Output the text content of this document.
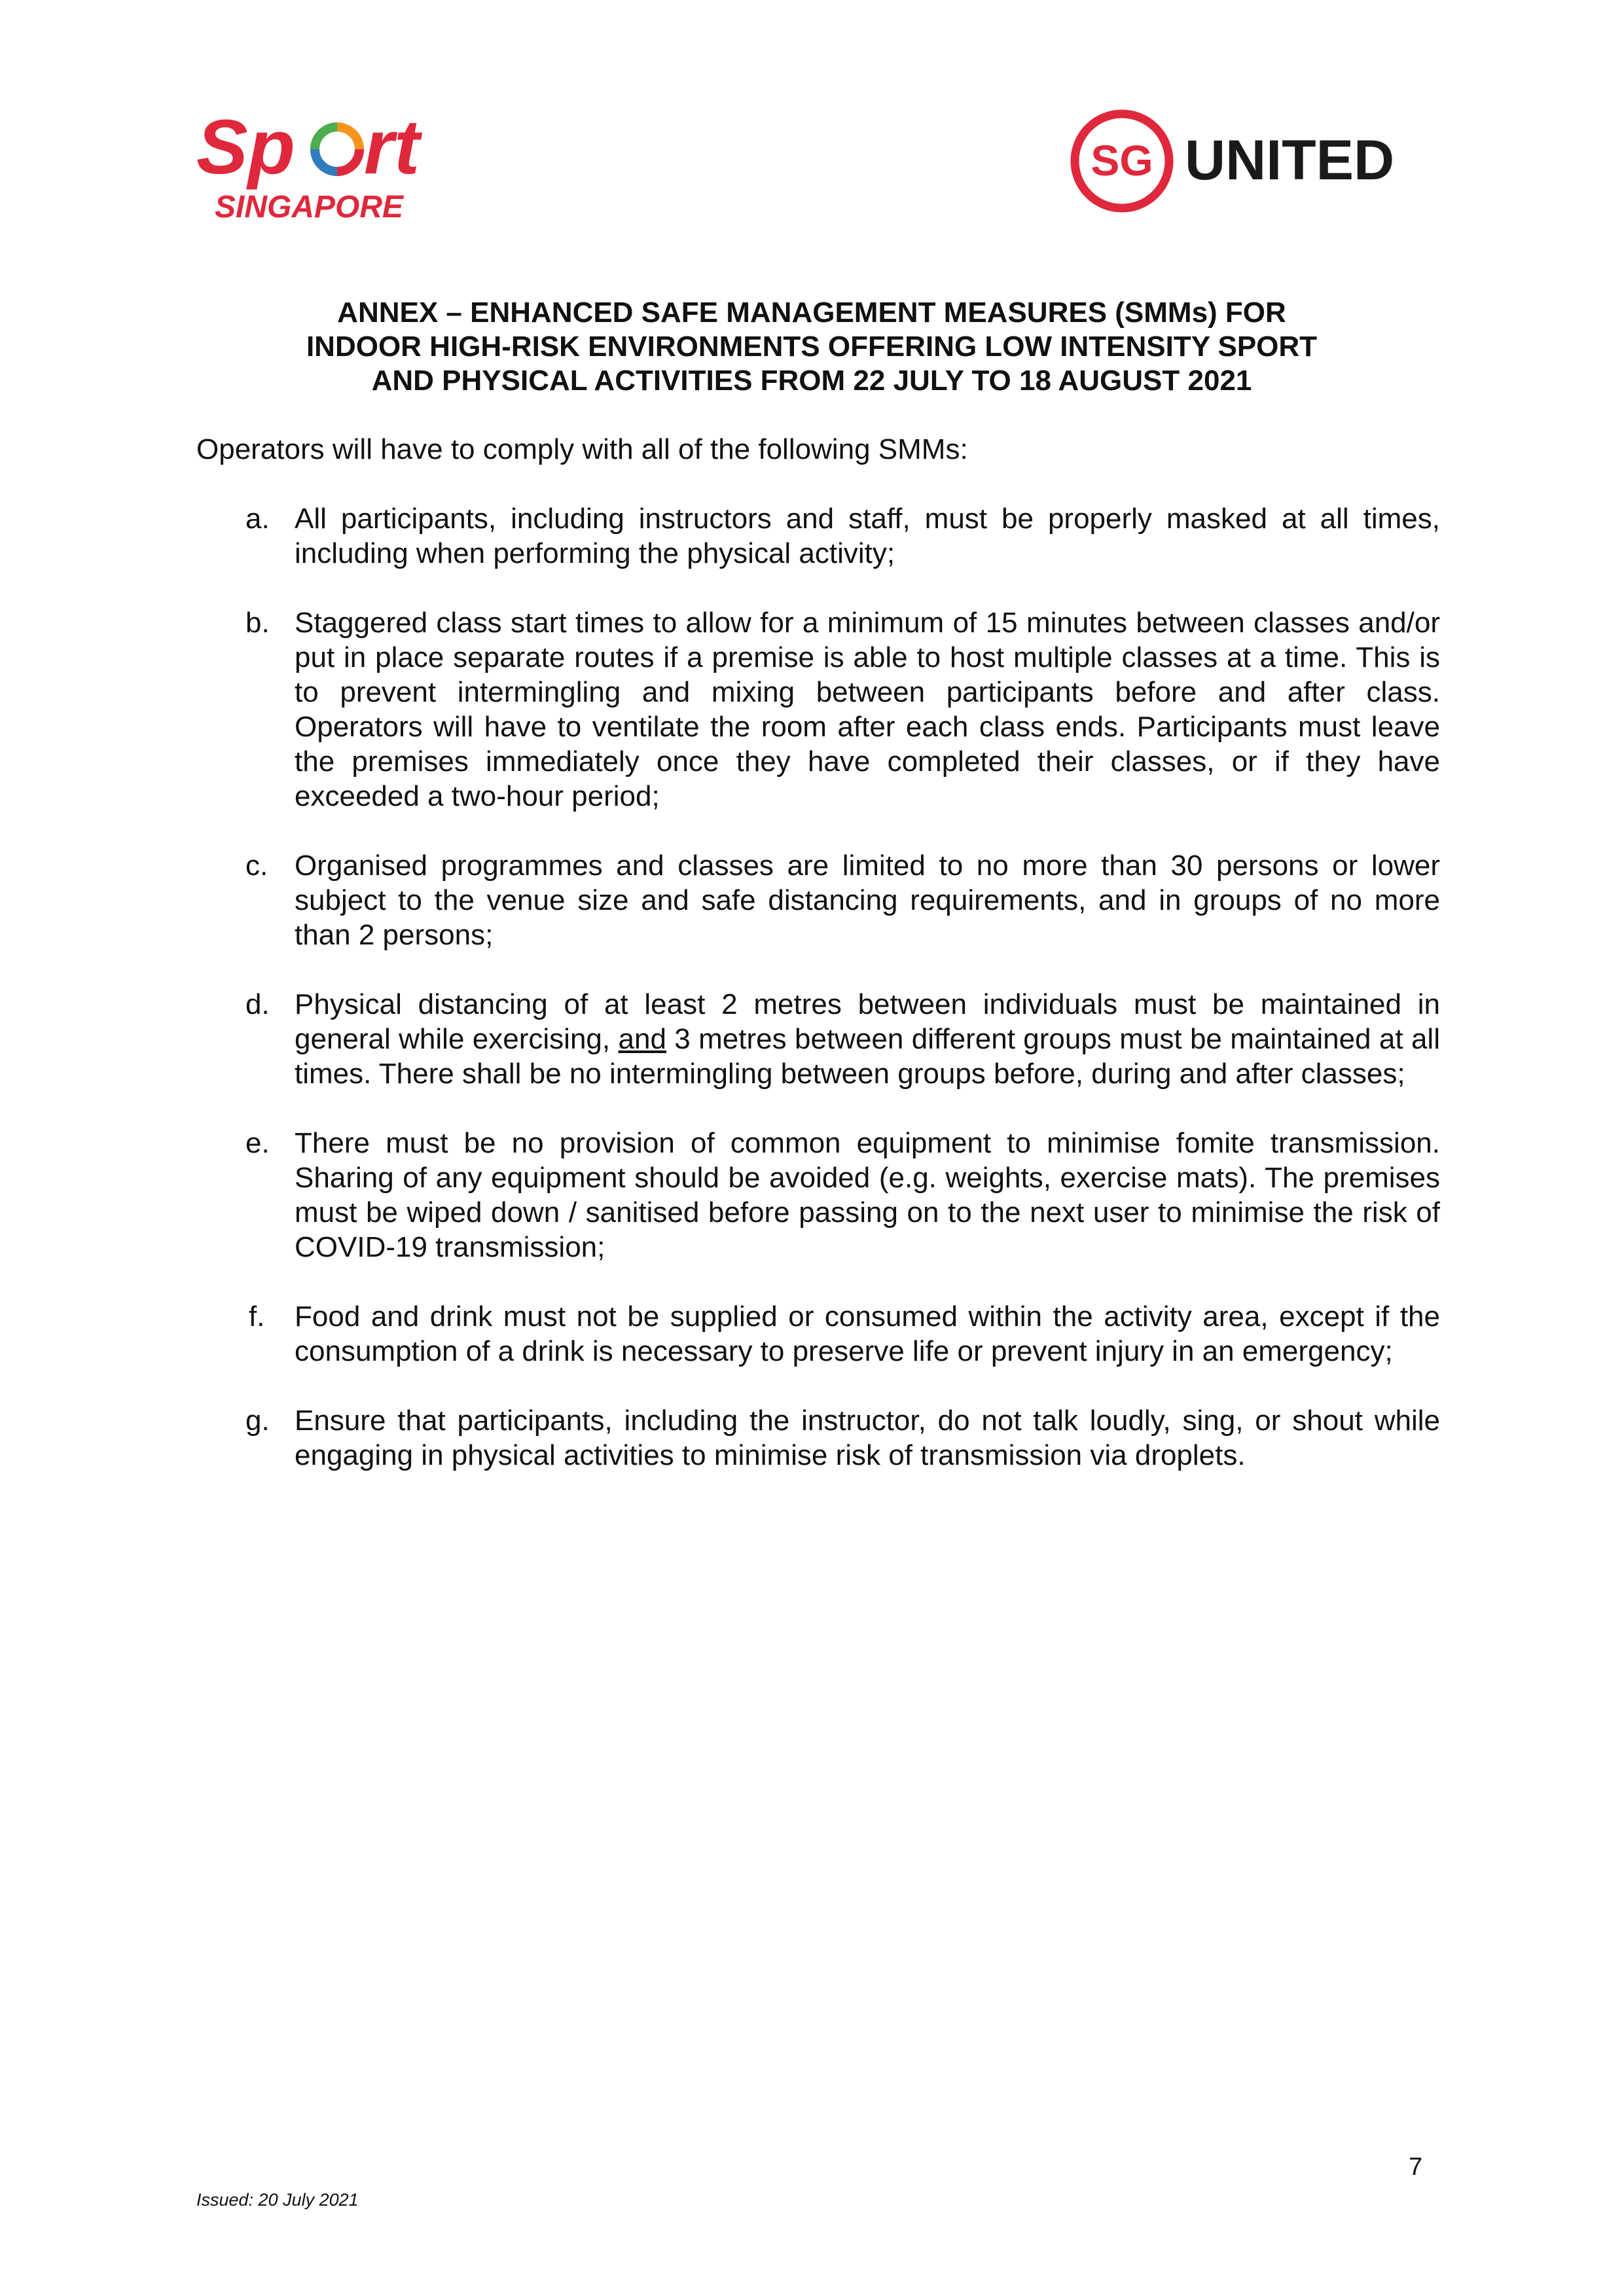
Sp rt
SINGAPORE
SG UNITED
ANNEX – ENHANCED SAFE MANAGEMENT MEASURES (SMMs) FOR
INDOOR HIGH-RISK ENVIRONMENTS OFFERING LOW INTENSITY SPORT
AND PHYSICAL ACTIVITIES FROM 22 JULY TO 18 AUGUST 2021

Operators will have to comply with all of the following SMMs:

a. All participants, including instructors and staff, must be properly masked at all times, including when performing the physical activity;
b. Staggered class start times to allow for a minimum of 15 minutes between classes and/or put in place separate routes if a premise is able to host multiple classes at a time. This is to prevent intermingling and mixing between participants before and after class. Operators will have to ventilate the room after each class ends. Participants must leave the premises immediately once they have completed their classes, or if they have exceeded a two-hour period;
c. Organised programmes and classes are limited to no more than 30 persons or lower subject to the venue size and safe distancing requirements, and in groups of no more than 2 persons;
d. Physical distancing of at least 2 metres between individuals must be maintained in general while exercising, and 3 metres between different groups must be maintained at all times. There shall be no intermingling between groups before, during and after classes;
e. There must be no provision of common equipment to minimise fomite transmission. Sharing of any equipment should be avoided (e.g. weights, exercise mats). The premises must be wiped down / sanitised before passing on to the next user to minimise the risk of COVID-19 transmission;
f. Food and drink must not be supplied or consumed within the activity area, except if the consumption of a drink is necessary to preserve life or prevent injury in an emergency;
g. Ensure that participants, including the instructor, do not talk loudly, sing, or shout while engaging in physical activities to minimise risk of transmission via droplets.

7

Issued: 20 July 2021
